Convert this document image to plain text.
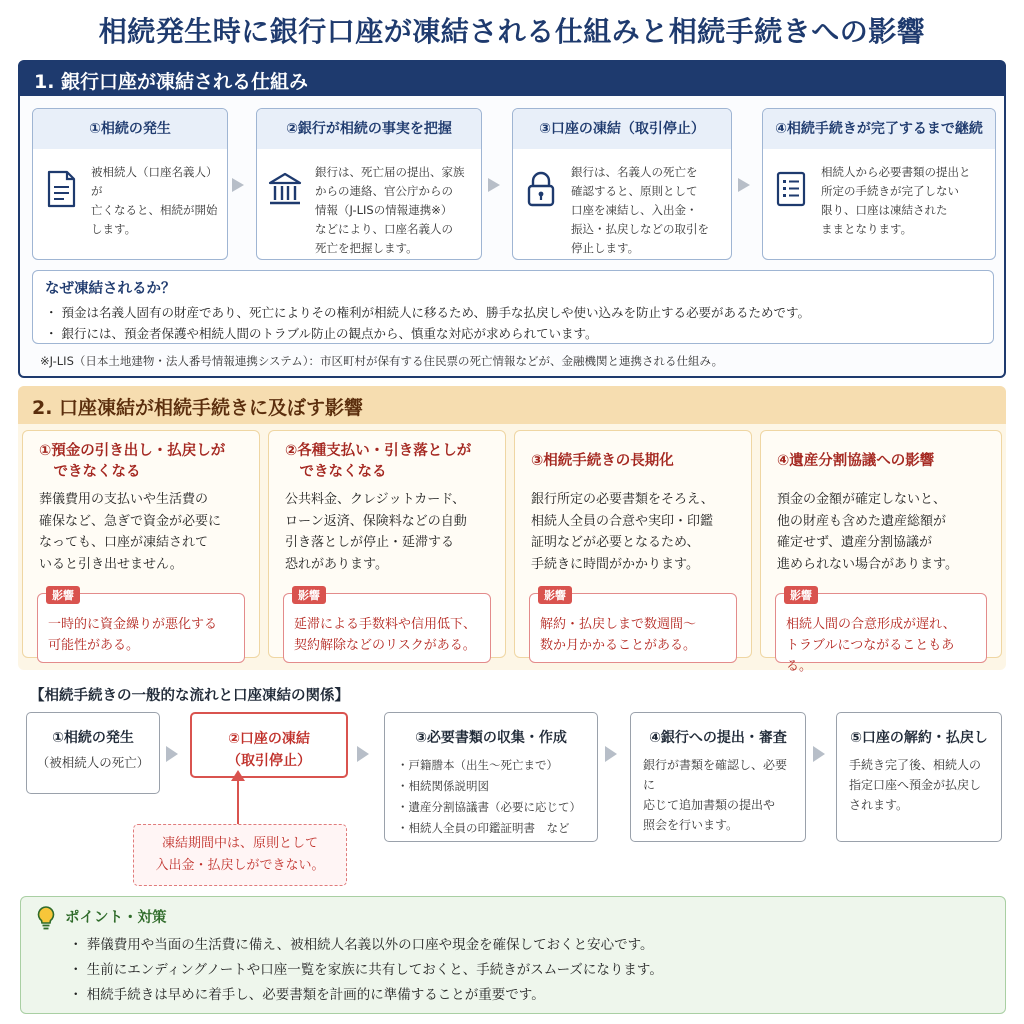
相続発生時に銀行口座が凍結される仕組みと相続手続きへの影響
1. 銀行口座が凍結される仕組み
①相続の発生
被相続人（口座名義人）が
亡くなると、相続が開始
します。
②銀行が相続の事実を把握
銀行は、死亡届の提出、家族
からの連絡、官公庁からの
情報（J-LISの情報連携※）
などにより、口座名義人の
死亡を把握します。
③口座の凍結（取引停止）
銀行は、名義人の死亡を
確認すると、原則として
口座を凍結し、入出金・
振込・払戻しなどの取引を
停止します。
④相続手続きが完了するまで継続
相続人から必要書類の提出と
所定の手続きが完了しない
限り、口座は凍結された
ままとなります。
なぜ凍結されるか？
・ 預金は名義人固有の財産であり、死亡によりその権利が相続人に移るため、勝手な払戻しや使い込みを防止する必要があるためです。
・ 銀行には、預金者保護や相続人間のトラブル防止の観点から、慎重な対応が求められています。
※J-LIS（日本土地建物・法人番号情報連携システム）：市区町村が保有する住民票の死亡情報などが、金融機関と連携される仕組み。
2. 口座凍結が相続手続きに及ぼす影響
①預金の引き出し・払戻しが
　できなくなる
葬儀費用の支払いや生活費の
確保など、急ぎで資金が必要に
なっても、口座が凍結されて
いると引き出せません。
影響
一時的に資金繰りが悪化する
可能性がある。
②各種支払い・引き落としが
　できなくなる
公共料金、クレジットカード、
ローン返済、保険料などの自動
引き落としが停止・延滞する
恐れがあります。
影響
延滞による手数料や信用低下、
契約解除などのリスクがある。
③相続手続きの長期化
銀行所定の必要書類をそろえ、
相続人全員の合意や実印・印鑑
証明などが必要となるため、
手続きに時間がかかります。
影響
解約・払戻しまで数週間〜
数か月かかることがある。
④遺産分割協議への影響
預金の金額が確定しないと、
他の財産も含めた遺産総額が
確定せず、遺産分割協議が
進められない場合があります。
影響
相続人間の合意形成が遅れ、
トラブルにつながることもある。
【相続手続きの一般的な流れと口座凍結の関係】
①相続の発生
（被相続人の死亡）
②口座の凍結
（取引停止）
③必要書類の収集・作成
・戸籍謄本（出生〜死亡まで）
・相続関係説明図
・遺産分割協議書（必要に応じて）
・相続人全員の印鑑証明書　など
④銀行への提出・審査
銀行が書類を確認し、必要に
応じて追加書類の提出や
照会を行います。
⑤口座の解約・払戻し
手続き完了後、相続人の
指定口座へ預金が払戻し
されます。
凍結期間中は、原則として
入出金・払戻しができない。
ポイント・対策
・ 葬儀費用や当面の生活費に備え、被相続人名義以外の口座や現金を確保しておくと安心です。
・ 生前にエンディングノートや口座一覧を家族に共有しておくと、手続きがスムーズになります。
・ 相続手続きは早めに着手し、必要書類を計画的に準備することが重要です。
